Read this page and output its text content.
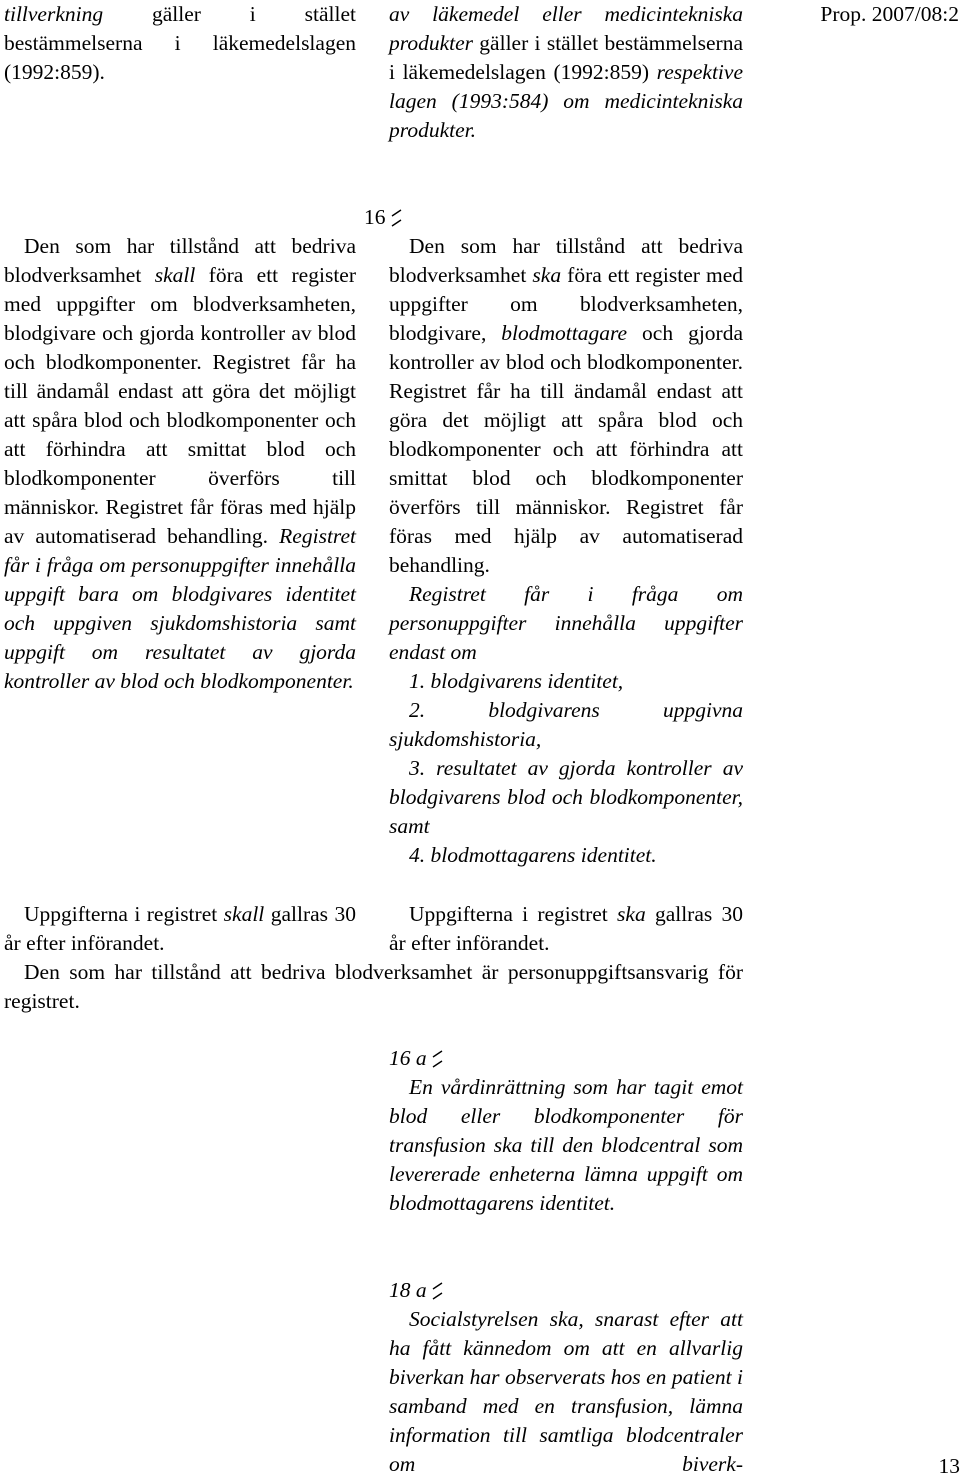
Prop. 2007/08:2
tillverkning gäller i stället bestämmelserna i läkemedelslagen (1992:859).
av läkemedel eller medicintekniska produkter gäller i stället bestämmelserna i läkemedelslagen (1992:859) respektive lagen (1993:584) om medicintekniska produkter.
16
Den som har tillstånd att bedriva blodverksamhet skall föra ett register med uppgifter om blodverksamheten, blodgivare och gjorda kontroller av blod och blodkomponenter. Registret får ha till ändamål endast att göra det möjligt att spåra blod och blodkomponenter och att förhindra att smittat blod och blodkomponenter överförs till människor. Registret får föras med hjälp av automatiserad behandling. Registret får i fråga om personuppgifter innehålla uppgift bara om blodgivares identitet och uppgiven sjukdomshistoria samt uppgift om resultatet av gjorda kontroller av blod och blodkomponenter.

Den som har tillstånd att bedriva blodverksamhet ska föra ett register med uppgifter om blodverksamheten, blodgivare, blodmottagare och gjorda kontroller av blod och blodkomponenter. Registret får ha till ändamål endast att göra det möjligt att spåra blod och blodkomponenter och att förhindra att smittat blod och blodkomponenter överförs till människor. Registret får föras med hjälp av automatiserad behandling.

Registret får i fråga om personuppgifter innehålla uppgifter endast om

1. blodgivarens identitet,

2. blodgivarens uppgivna sjukdomshistoria,

3. resultatet av gjorda kontroller av blodgivarens blod och blodkomponenter, samt

4. blodmottagarens identitet.

Uppgifterna i registret skall gallras 30 år efter införandet.
Uppgifterna i registret ska gallras 30 år efter införandet.
Den som har tillstånd att bedriva blodverksamhet är personuppgiftsansvarig för registret.
16 a
En vårdinrättning som har tagit emot blod eller blodkomponenter för transfusion ska till den blodcentral som levererade enheterna lämna uppgift om blodmottagarens identitet.
18 a
Socialstyrelsen ska, snarast efter att ha fått kännedom om att en allvarlig biverkan har observerats hos en patient i samband med en transfusion, lämna information till samtliga blodcentraler om biverk-	13
